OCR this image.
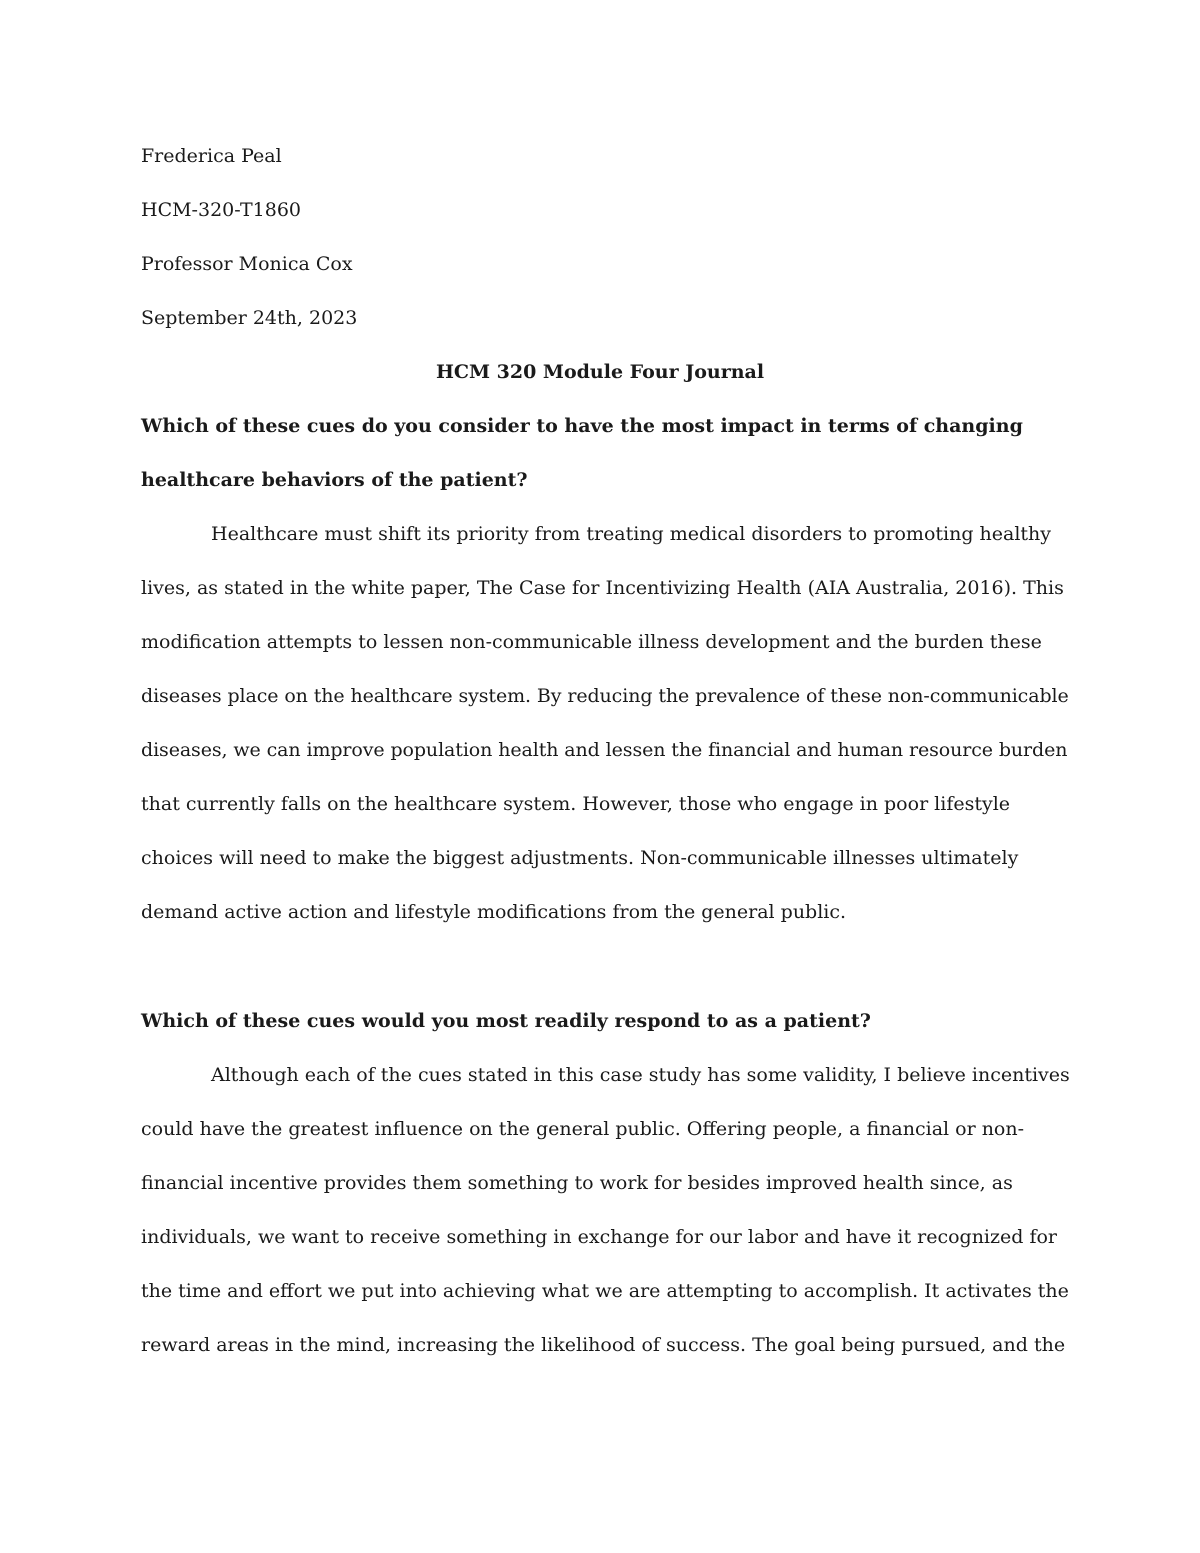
Frederica Peal
HCM-320-T1860
Professor Monica Cox
September 24th, 2023
HCM 320 Module Four Journal
Which of these cues do you consider to have the most impact in terms of changing
healthcare behaviors of the patient?
Healthcare must shift its priority from treating medical disorders to promoting healthy
lives, as stated in the white paper, The Case for Incentivizing Health (AIA Australia, 2016). This
modification attempts to lessen non-communicable illness development and the burden these
diseases place on the healthcare system. By reducing the prevalence of these non-communicable
diseases, we can improve population health and lessen the financial and human resource burden
that currently falls on the healthcare system. However, those who engage in poor lifestyle
choices will need to make the biggest adjustments. Non-communicable illnesses ultimately
demand active action and lifestyle modifications from the general public.
Which of these cues would you most readily respond to as a patient?
Although each of the cues stated in this case study has some validity, I believe incentives
could have the greatest influence on the general public. Offering people, a financial or non-
financial incentive provides them something to work for besides improved health since, as
individuals, we want to receive something in exchange for our labor and have it recognized for
the time and effort we put into achieving what we are attempting to accomplish. It activates the
reward areas in the mind, increasing the likelihood of success. The goal being pursued, and the
